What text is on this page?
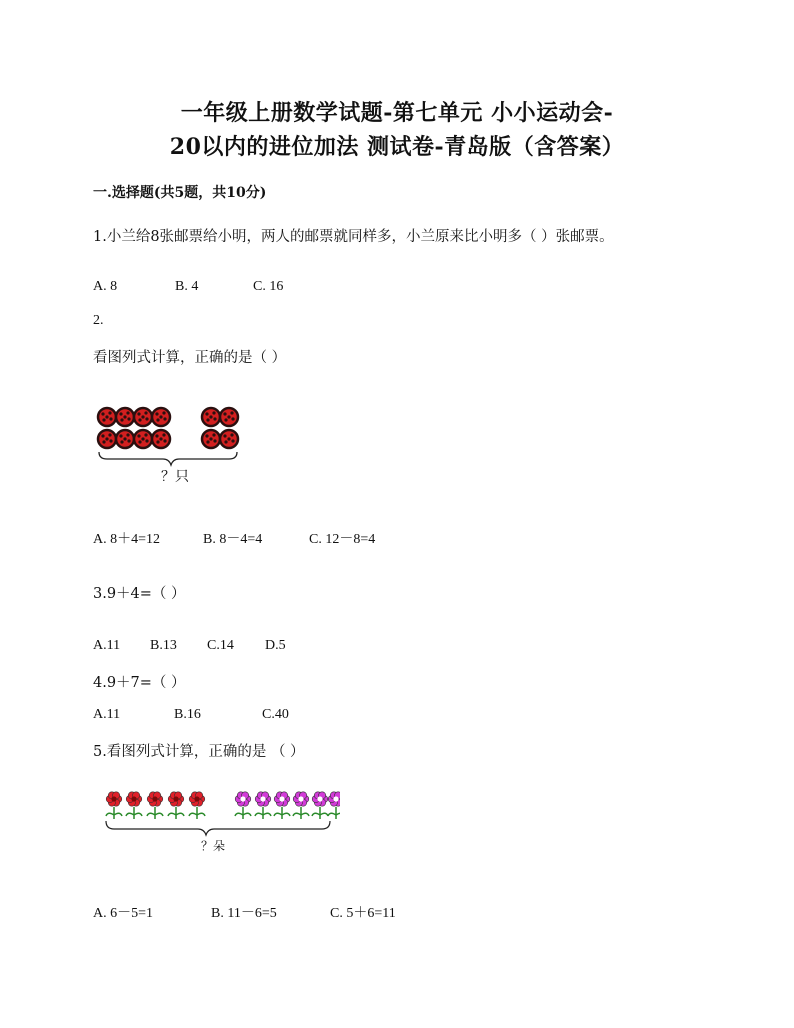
一年级上册数学试题-第七单元 小小运动会-
20以内的进位加法 测试卷-青岛版（含答案）
一.选择题(共5题，共10分)
1.小兰给8张邮票给小明，两人的邮票就同样多，小兰原来比小明多（ ）张邮票。
A. 8	B. 4	C. 16
2.
看图列式计算，正确的是（ ）
？只
A. 8＋4=12	B. 8－4=4	C. 12－8=4
3.9＋4=（ ）
A.11 B.13 C.14 D.5
4.9＋7=（ ）
A.11	B.16	C.40
5.看图列式计算，正确的是 （ ）
？朵
A. 6－5=1	B. 11－6=5	C. 5＋6=11
